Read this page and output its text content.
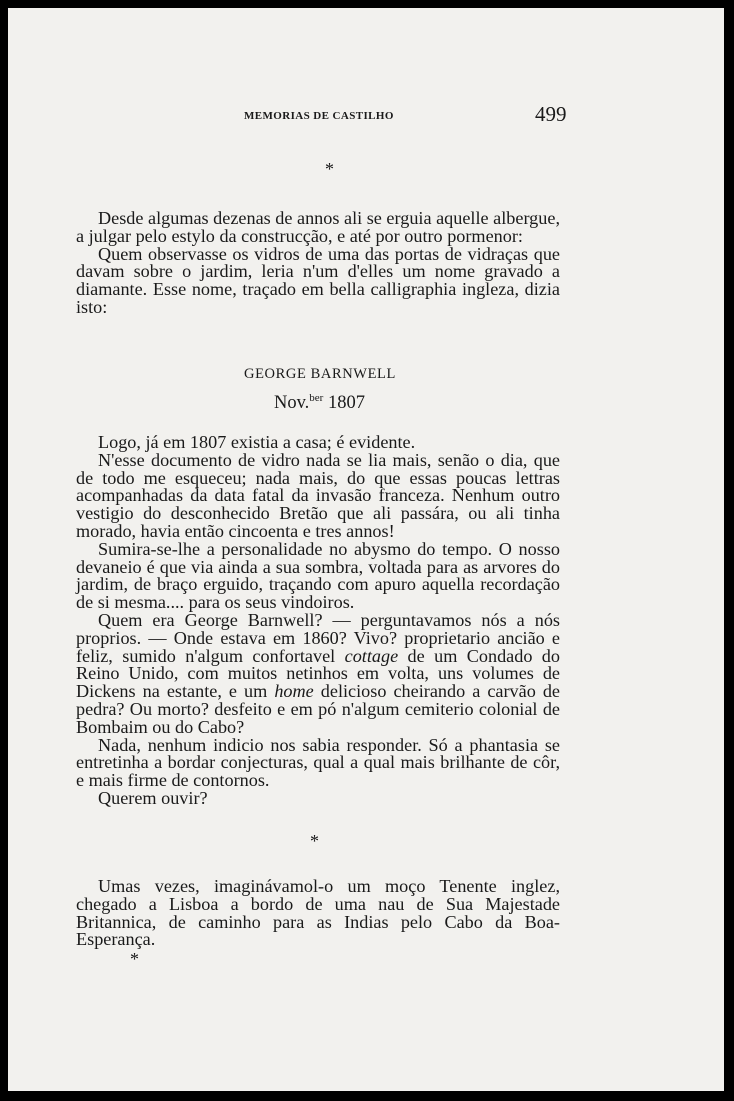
MEMORIAS DE CASTILHO	499
*

Desde algumas dezenas de annos ali se erguia aquelle albergue, a julgar pelo estylo da construcção, e até por outro pormenor:

Quem observasse os vidros de uma das portas de vidraças que davam sobre o jardim, leria n'um d'elles um nome gravado a diamante. Esse nome, traçado em bella calligraphia ingleza, dizia isto:

GEORGE BARNWELL
Nov.$^{ber}$ 1807

Logo, já em 1807 existia a casa; é evidente.

N'esse documento de vidro nada se lia mais, senão o dia, que de todo me esqueceu; nada mais, do que essas poucas lettras acompanhadas da data fatal da invasão franceza. Nenhum outro vestigio do desconhecido Bretão que ali passára, ou ali tinha morado, havia então cincoenta e tres annos!

Sumira-se-lhe a personalidade no abysmo do tempo. O nosso devaneio é que via ainda a sua sombra, voltada para as arvores do jardim, de braço erguido, traçando com apuro aquella recordação de si mesma.... para os seus vindoiros.

Quem era George Barnwell? — perguntavamos nós a nós proprios. — Onde estava em 1860? Vivo? proprietario ancião e feliz, sumido n'algum confortavel cottage de um Condado do Reino Unido, com muitos netinhos em volta, uns volumes de Dickens na estante, e um home delicioso cheirando a carvão de pedra? Ou morto? desfeito e em pó n'algum cemiterio colonial de Bombaim ou do Cabo?

Nada, nenhum indicio nos sabia responder. Só a phantasia se entretinha a bordar conjecturas, qual a qual mais brilhante de côr, e mais firme de contornos.

Querem ouvir?

*

Umas vezes, imaginávamol-o um moço Tenente inglez, chegado a Lisboa a bordo de uma nau de Sua Majestade Britannica, de caminho para as Indias pelo Cabo da Boa-Esperança.

*
